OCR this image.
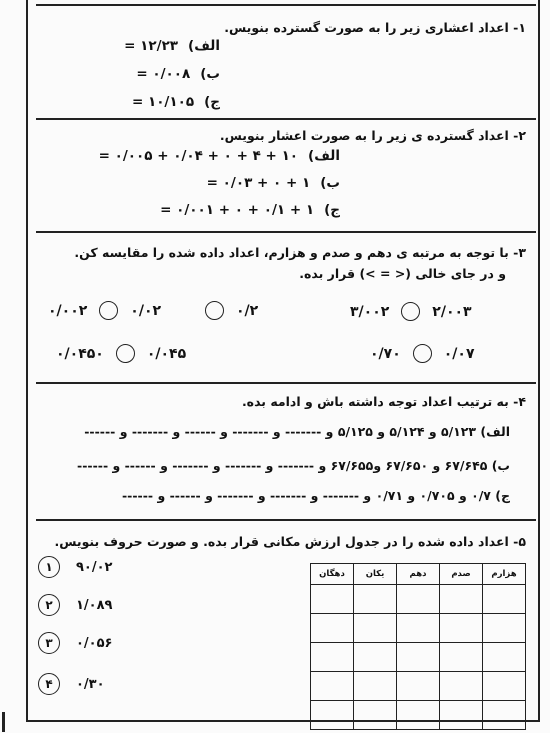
۱- اعداد اعشاری زیر را به صورت گسترده بنویس.
الف)۱۲/۲۳ =
ب)۰/۰۰۸ =
ج)۱۰/۱۰۵ =
۲- اعداد گسترده ی زیر را به صورت اعشار بنویس.
الف)۱۰ + ۴ + ۰ + ۰/۰۴ + ۰/۰۰۵ =
ب)۱ + ۰ + ۰/۰۳ =
ج)۱ + ۰/۱ + ۰ + ۰/۰۰۱ =
۳- با توجه به مرتبه ی دهم و صدم و هزارم، اعداد داده شده را مقایسه کن.
و در جای خالی (< = >) قرار بده.
۰/۰۰۲	۰/۰۲	۰/۲	۳/۰۰۲	۲/۰۰۳
۰/۰۴۵۰	۰/۰۴۵	۰/۷۰	۰/۰۷
۴- به ترتیب اعداد توجه داشته باش و ادامه بده.
الف) ۵/۱۲۳ و ۵/۱۲۴ و ۵/۱۲۵ و ------- و ------- و ------ و ------- و ------
ب) ۶۷/۶۴۵ و ۶۷/۶۵۰ و۶۷/۶۵۵ و ------- و ------- و ------- و ------ و ------
ج) ۰/۷ و ۰/۷۰۵ و ۰/۷۱ و ------- و ------- و ------- و ------ و ------
۵- اعداد داده شده را در جدول ارزش مکانی قرار بده. و صورت حروف بنویس.
۱	۹۰/۰۲
۲	۱/۰۸۹
۳	۰/۰۵۶
۴	۰/۳۰
هزارم	صدم	دهم	یکان	دهگان
